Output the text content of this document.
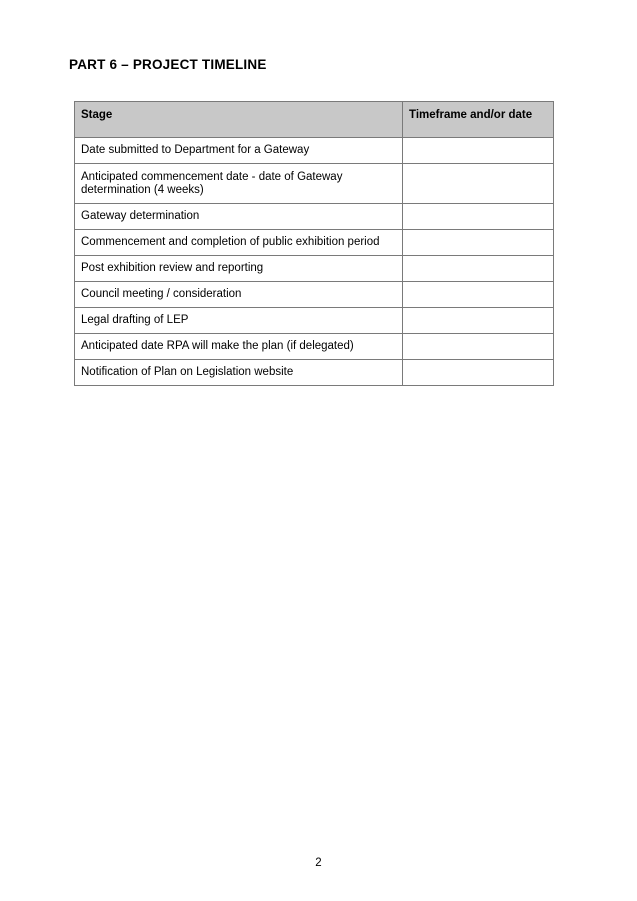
PART 6 – PROJECT TIMELINE
Stage	Timeframe and/or date

Date submitted to Department for a Gateway	
Anticipated commencement date - date of Gateway determination (4 weeks)	
Gateway determination	
Commencement and completion of public exhibition period	
Post exhibition review and reporting	
Council meeting / consideration	
Legal drafting of LEP	
Anticipated date RPA will make the plan (if delegated)	
Notification of Plan on Legislation website	
2
